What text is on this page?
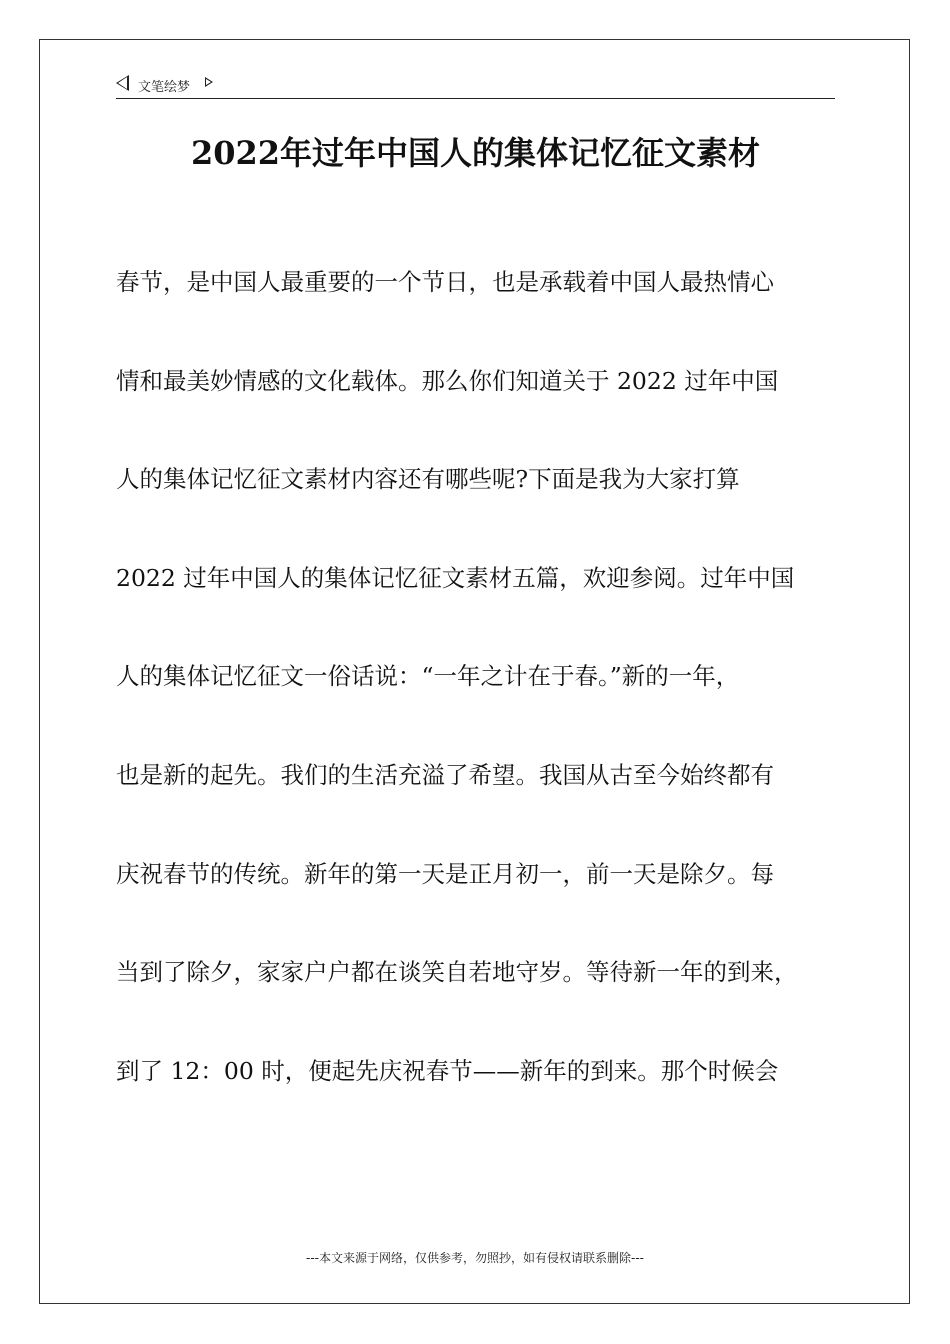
文笔绘梦
2022年过年中国人的集体记忆征文素材
春节，是中国人最重要的一个节日，也是承载着中国人最热情心
情和最美妙情感的文化载体。那么你们知道关于 2022 过年中国
人的集体记忆征文素材内容还有哪些呢?下面是我为大家打算
2022 过年中国人的集体记忆征文素材五篇，欢迎参阅。过年中国
人的集体记忆征文一俗话说：“一年之计在于春。”新的一年，
也是新的起先。我们的生活充溢了希望。我国从古至今始终都有
庆祝春节的传统。新年的第一天是正月初一，前一天是除夕。每
当到了除夕，家家户户都在谈笑自若地守岁。等待新一年的到来，
到了 12：00 时，便起先庆祝春节——新年的到来。那个时候会
---本文来源于网络，仅供参考，勿照抄，如有侵权请联系删除---
